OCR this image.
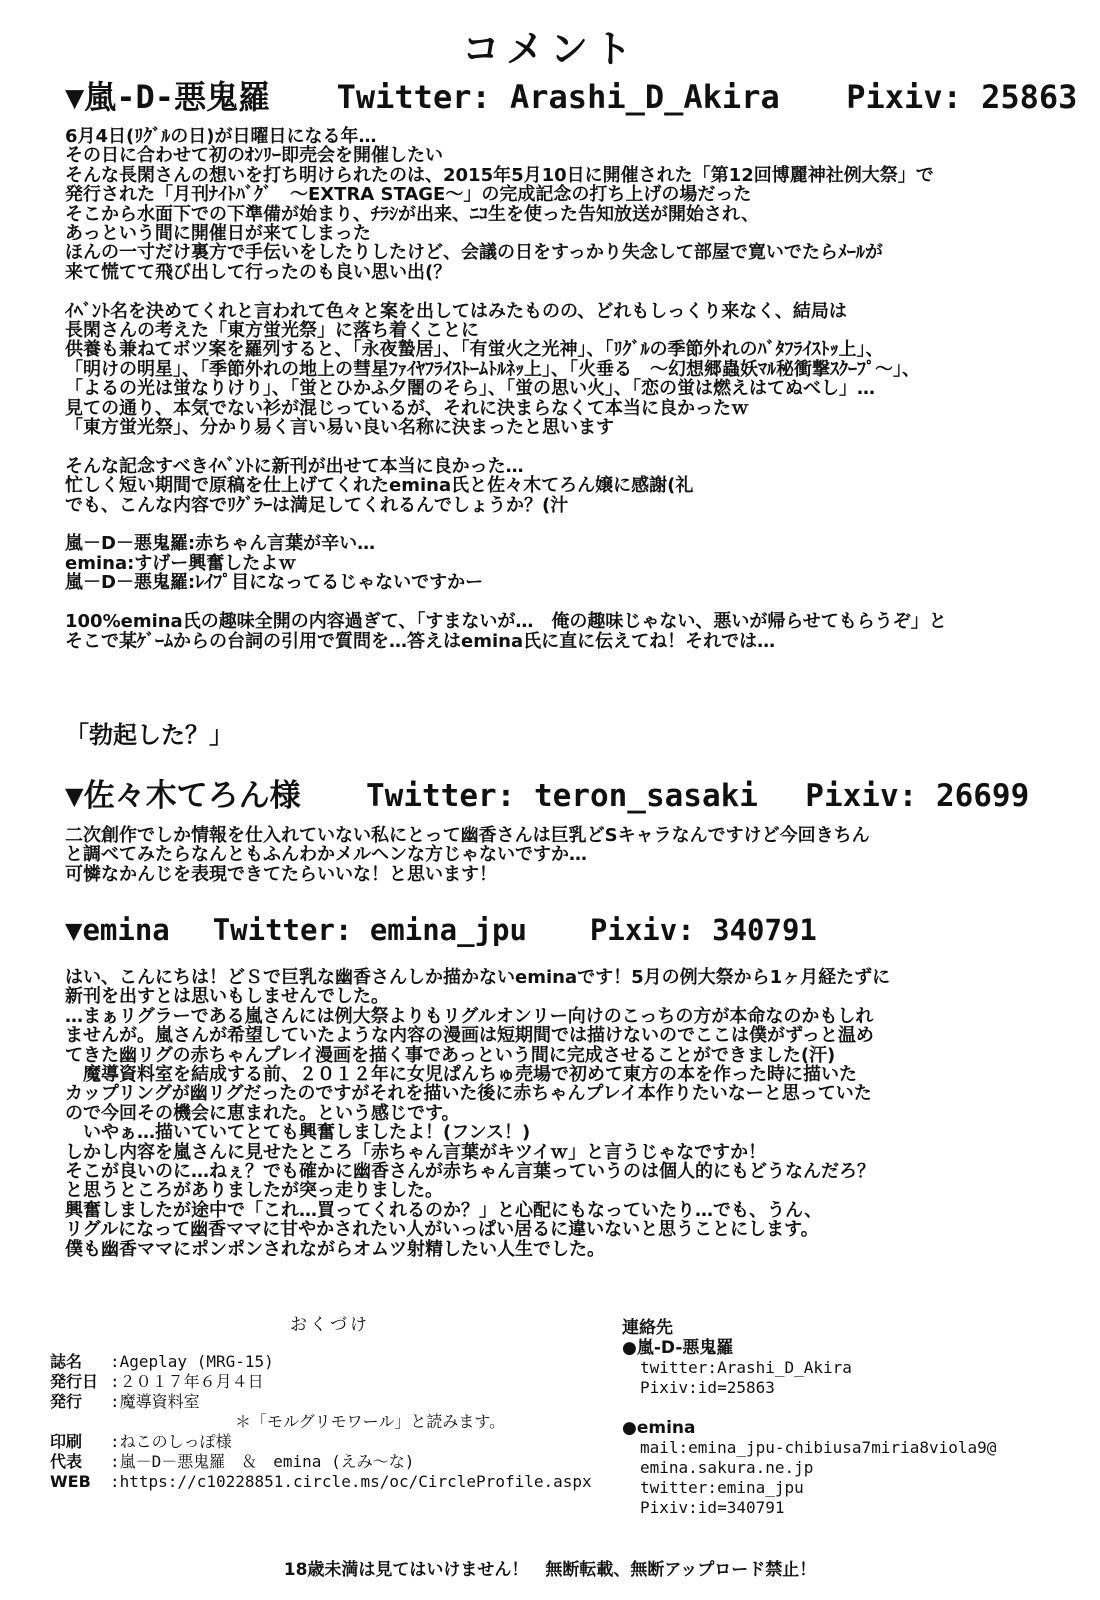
コメント
▼嵐-D-悪鬼羅 Twitter: Arashi_D_Akira Pixiv: 25863
6月4日(ﾘｸﾞﾙの日)が日曜日になる年…
その日に合わせて初のｵﾝﾘｰ即売会を開催したい
そんな長閑さんの想いを打ち明けられたのは、2015年5月10日に開催された「第12回博麗神社例大祭」で
発行された「月刊ﾅｲﾄﾊﾞｸﾞ　～EXTRA STAGE～」の完成記念の打ち上げの場だった
そこから水面下での下準備が始まり、ﾁﾗｼが出来、ﾆｺ生を使った告知放送が開始され、
あっという間に開催日が来てしまった
ほんの一寸だけ裏方で手伝いをしたりしたけど、会議の日をすっかり失念して部屋で寛いでたらﾒｰﾙが
来て慌てて飛び出して行ったのも良い思い出(？
ｲﾍﾞﾝﾄ名を決めてくれと言われて色々と案を出してはみたものの、どれもしっくり来なく、結局は
長閑さんの考えた「東方蛍光祭」に落ち着くことに
供養も兼ねてボツ案を羅列すると、「永夜蟄居」、「有蛍火之光神」、「ﾘｸﾞﾙの季節外れのﾊﾞﾀﾌﾗｲｽﾄｯ上」、
「明けの明星」、「季節外れの地上の彗星ﾌｧｲﾔﾌﾗｲｽﾄｰﾑﾄﾙﾈｯ上」、「火垂る　～幻想郷蟲妖ﾏﾙ秘衝撃ｽｸｰﾌﾟ～」、
「よるの光は蛍なりけり」、「蛍とひかふ夕闇のそら」、「蛍の思い火」、「恋の蛍は燃えはてぬべし」…
見ての通り、本気でない衫が混じっているが、それに決まらなくて本当に良かったｗ
「東方蛍光祭」、分かり易く言い易い良い名称に決まったと思います
そんな記念すべきｲﾍﾞﾝﾄに新刊が出せて本当に良かった…
忙しく短い期間で原稿を仕上げてくれたemina氏と佐々木てろん嬢に感謝(礼
でも、こんな内容でﾘｸﾞﾗｰは満足してくれるんでしょうか？(汁
嵐－D－悪鬼羅:赤ちゃん言葉が辛い…
emina:すげー興奮したよｗ
嵐－D－悪鬼羅:ﾚｲﾌﾟ目になってるじゃないですかー
100%emina氏の趣味全開の内容過ぎて、「すまないが…　俺の趣味じゃない、悪いが帰らせてもらうぞ」と
そこで某ｹﾞｰﾑからの台詞の引用で質問を…答えはemina氏に直に伝えてね！それでは…
「勃起した？」
▼佐々木てろん様 Twitter: teron_sasaki Pixiv: 26699
二次創作でしか情報を仕入れていない私にとって幽香さんは巨乳どSキャラなんですけど今回きちん
と調べてみたらなんともふんわかメルヘンな方じゃないですか…
可憐なかんじを表現できてたらいいな！と思います！
▼emina Twitter: emina_jpu Pixiv: 340791
はい、こんにちは！どＳで巨乳な幽香さんしか描かないeminaです！5月の例大祭から1ヶ月経たずに
新刊を出すとは思いもしませんでした。
…まぁリグラーである嵐さんには例大祭よりもリグルオンリー向けのこっちの方が本命なのかもしれ
ませんが。嵐さんが希望していたような内容の漫画は短期間では描けないのでここは僕がずっと温め
てきた幽リグの赤ちゃんプレイ漫画を描く事であっという間に完成させることができました(汗)
　魔導資料室を結成する前、２０１２年に女児ぱんちゅ売場で初めて東方の本を作った時に描いた
カップリングが幽リグだったのですがそれを描いた後に赤ちゃんプレイ本作りたいなーと思っていた
ので今回その機会に恵まれた。という感じです。
　いやぁ…描いていてとても興奮しましたよ！(フンス！)
しかし内容を嵐さんに見せたところ「赤ちゃん言葉がキツイｗ」と言うじゃなですか！
そこが良いのに…ねぇ？でも確かに幽香さんが赤ちゃん言葉っていうのは個人的にもどうなんだろ？
と思うところがありましたが突っ走りました。
興奮しましたが途中で「これ…買ってくれるのか？」と心配にもなっていたり…でも、うん、
リグルになって幽香ママに甘やかされたい人がいっぱい居るに違いないと思うことにします。
僕も幽香ママにポンポンされながらオムツ射精したい人生でした。
おくづけ
誌名	:Ageplay (MRG-15)
発行日 :２０１７年６月４日
発行	:魔導資料室
＊「モルグリモワール」と読みます。
印刷	:ねこのしっぽ様
代表	:嵐－D－悪鬼羅　＆　emina (えみ～な)
WEB	:https://c10228851.circle.ms/oc/CircleProfile.aspx
連絡先
●嵐-D-悪鬼羅
twitter:Arashi_D_Akira
Pixiv:id=25863
●emina
mail:emina_jpu-chibiusa7miria8viola9@
emina.sakura.ne.jp
twitter:emina_jpu
Pixiv:id=340791
18歳未満は見てはいけません！　無断転載、無断アップロード禁止！
